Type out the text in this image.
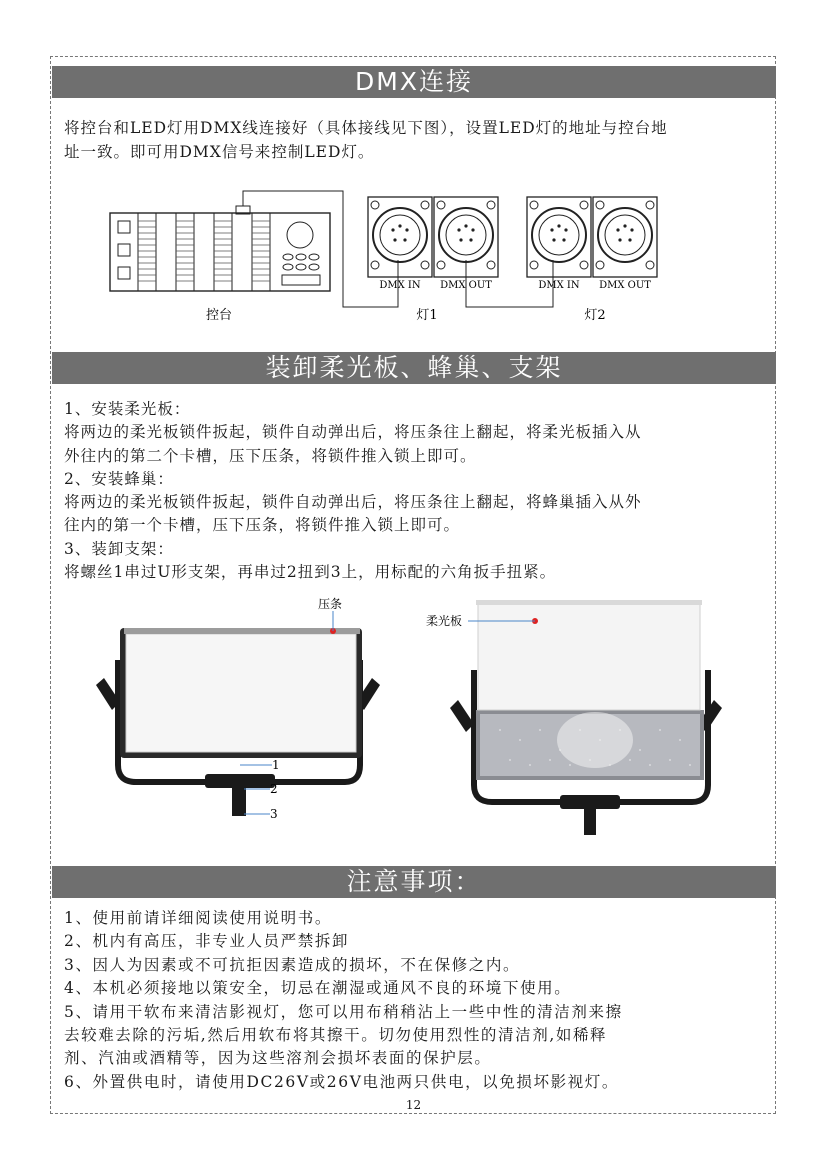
DMX连接

将控台和LED灯用DMX线连接好（具体接线见下图），设置LED灯的地址与控台地

址一致。即可用DMX信号来控制LED灯。

DMX IN DMX OUT	DMX IN DMX OUT
控台	灯1	灯2
装卸柔光板、蜂巢、支架

1、安装柔光板：

将两边的柔光板锁件扳起，锁件自动弹出后，将压条往上翻起，将柔光板插入从

外往内的第二个卡槽，压下压条，将锁件推入锁上即可。

2、安装蜂巢：

将两边的柔光板锁件扳起，锁件自动弹出后，将压条往上翻起，将蜂巢插入从外

往内的第一个卡槽，压下压条，将锁件推入锁上即可。

3、装卸支架：

将螺丝1串过U形支架，再串过2扭到3上，用标配的六角扳手扭紧。

压条
1
2
3
柔光板
注意事项：

1、使用前请详细阅读使用说明书。

2、机内有高压，非专业人员严禁拆卸

3、因人为因素或不可抗拒因素造成的损坏，不在保修之内。

4、本机必须接地以策安全，切忌在潮湿或通风不良的环境下使用。

5、请用干软布来清洁影视灯，您可以用布稍稍沾上一些中性的清洁剂来擦

去较难去除的污垢,然后用软布将其擦干。切勿使用烈性的清洁剂,如稀释

剂、汽油或酒精等，因为这些溶剂会损坏表面的保护层。

6、外置供电时，请使用DC26V或26V电池两只供电，以免损坏影视灯。

12
